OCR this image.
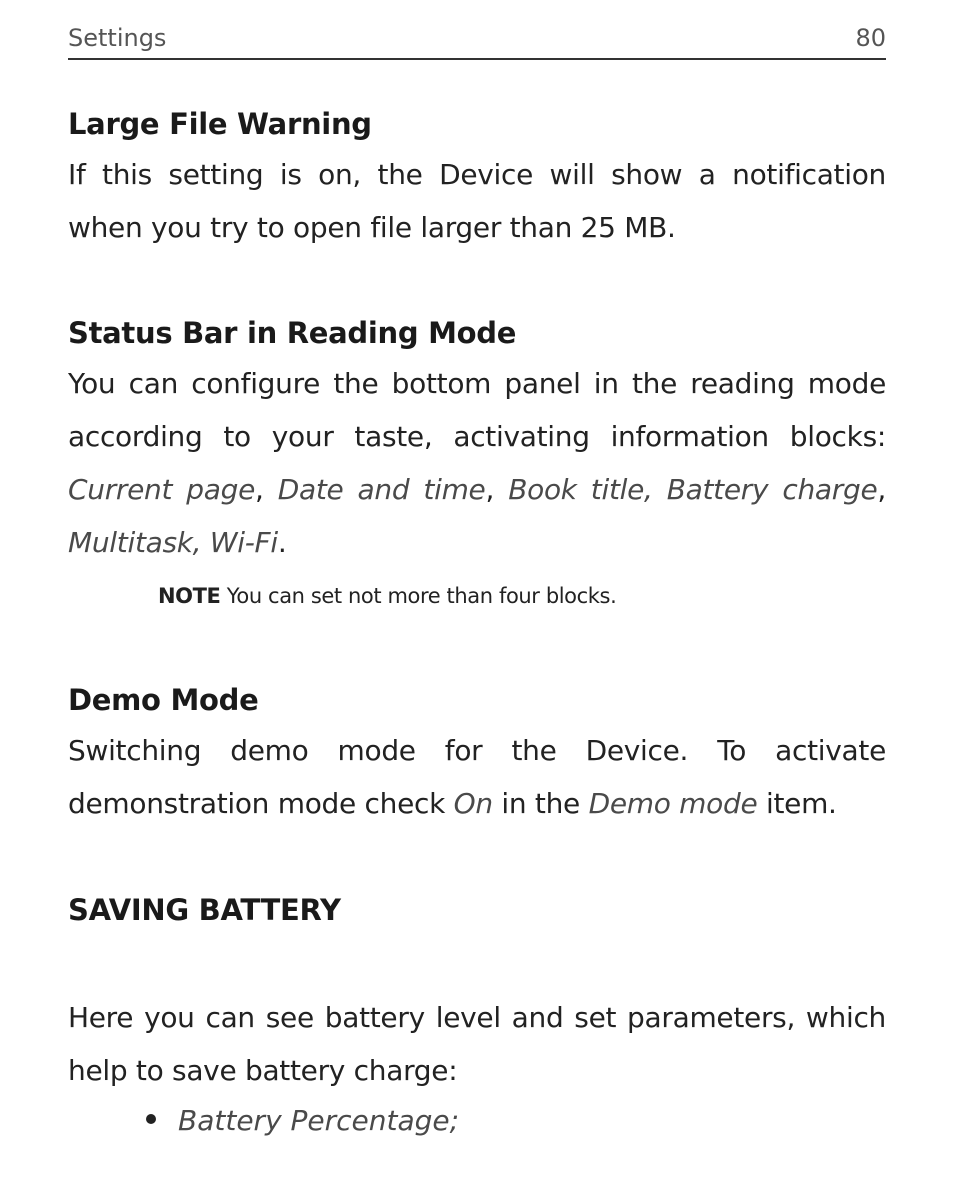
Settings	80
Large File Warning

If this setting is on, the Device will show a notification when you try to open file larger than 25 MB.

Status Bar in Reading Mode

You can configure the bottom panel in the reading mode according to your taste, activating information blocks: Current page, Date and time, Book title, Battery charge, Multitask, Wi-Fi.

NOTE You can set not more than four blocks.
Demo Mode

Switching demo mode for the Device. To activate demonstration mode check On in the Demo mode item.

SAVING BATTERY

Here you can see battery level and set parameters, which help to save battery charge:

Battery Percentage;
